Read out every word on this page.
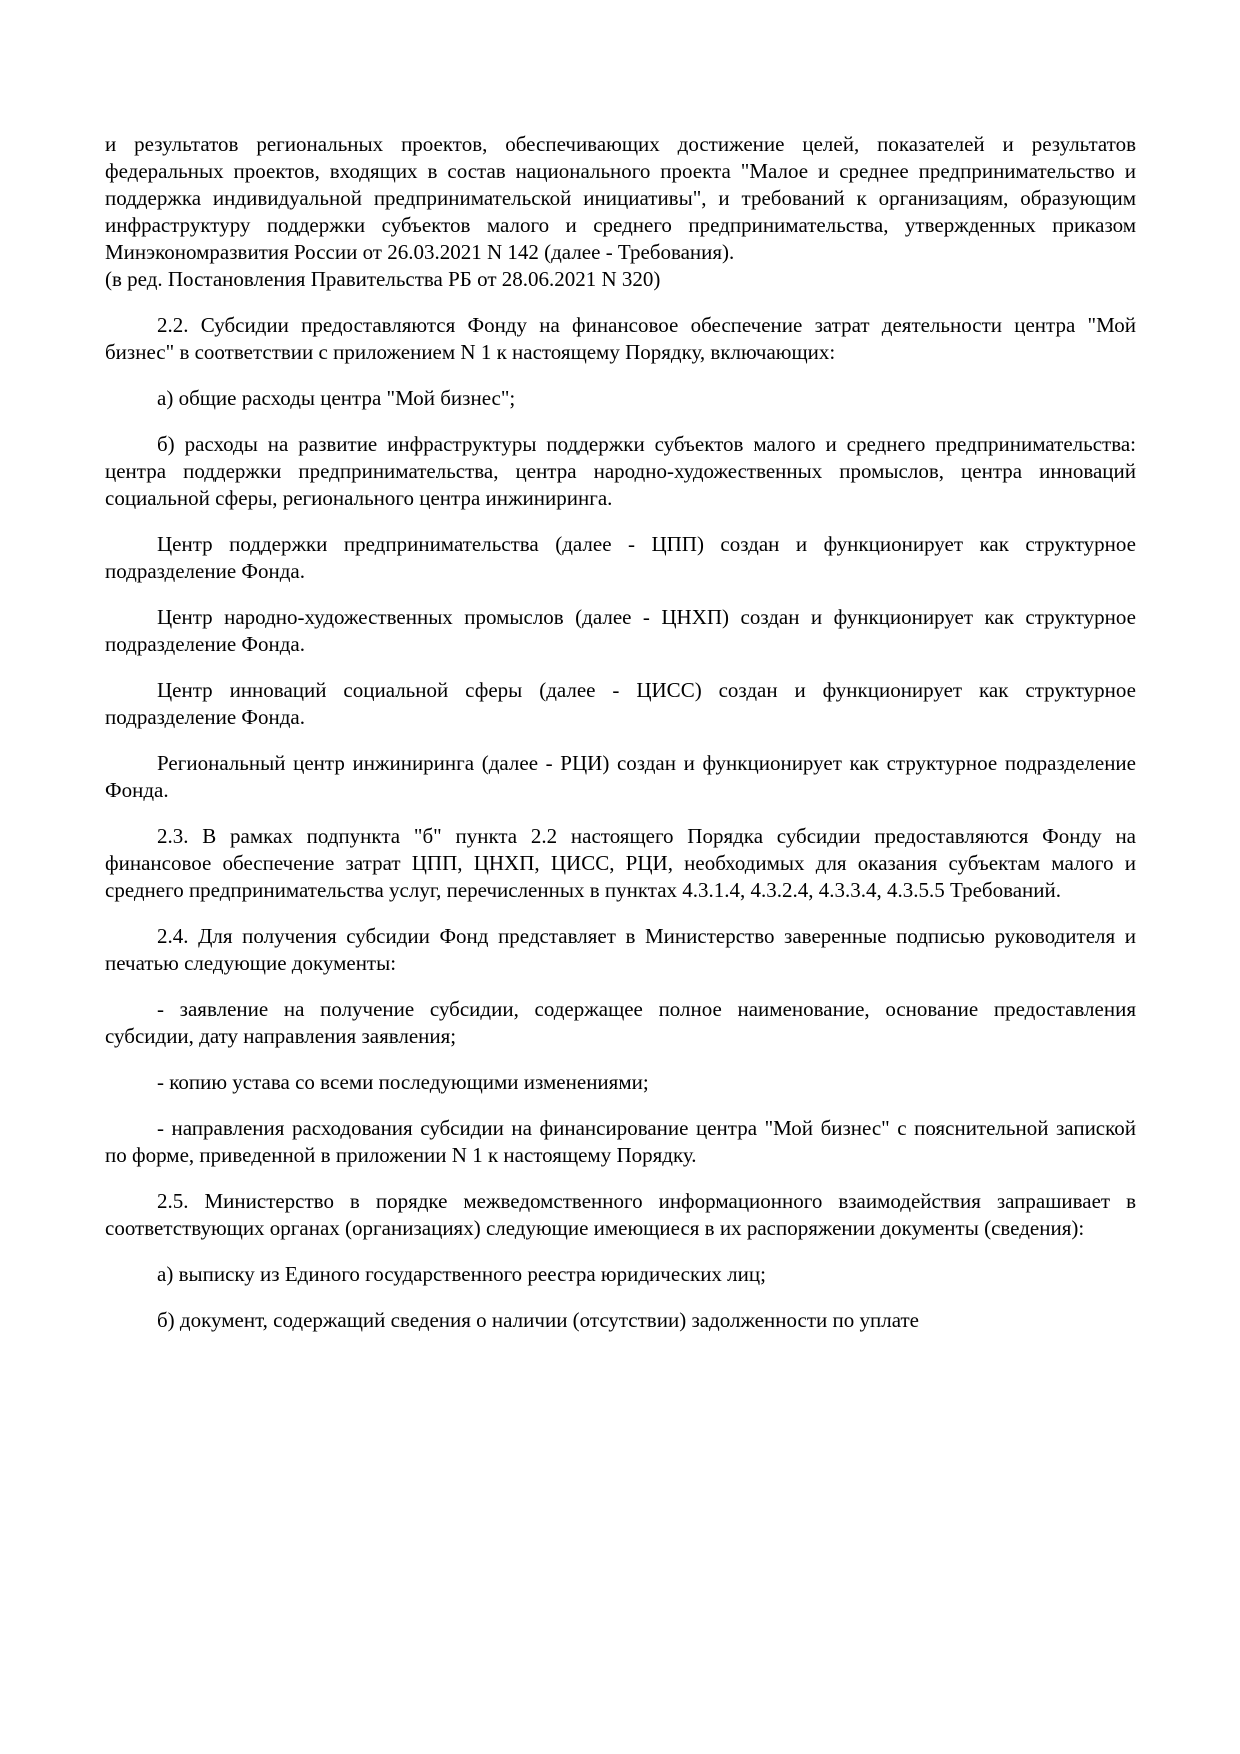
и результатов региональных проектов, обеспечивающих достижение целей, показателей и результатов федеральных проектов, входящих в состав национального проекта "Малое и среднее предпринимательство и поддержка индивидуальной предпринимательской инициативы", и требований к организациям, образующим инфраструктуру поддержки субъектов малого и среднего предпринимательства, утвержденных приказом Минэкономразвития России от 26.03.2021 N 142 (далее - Требования).

(в ред. Постановления Правительства РБ от 28.06.2021 N 320)

2.2. Субсидии предоставляются Фонду на финансовое обеспечение затрат деятельности центра "Мой бизнес" в соответствии с приложением N 1 к настоящему Порядку, включающих:

а) общие расходы центра "Мой бизнес";

б) расходы на развитие инфраструктуры поддержки субъектов малого и среднего предпринимательства: центра поддержки предпринимательства, центра народно-художественных промыслов, центра инноваций социальной сферы, регионального центра инжиниринга.

Центр поддержки предпринимательства (далее - ЦПП) создан и функционирует как структурное подразделение Фонда.

Центр народно-художественных промыслов (далее - ЦНХП) создан и функционирует как структурное подразделение Фонда.

Центр инноваций социальной сферы (далее - ЦИСС) создан и функционирует как структурное подразделение Фонда.

Региональный центр инжиниринга (далее - РЦИ) создан и функционирует как структурное подразделение Фонда.

2.3. В рамках подпункта "б" пункта 2.2 настоящего Порядка субсидии предоставляются Фонду на финансовое обеспечение затрат ЦПП, ЦНХП, ЦИСС, РЦИ, необходимых для оказания субъектам малого и среднего предпринимательства услуг, перечисленных в пунктах 4.3.1.4, 4.3.2.4, 4.3.3.4, 4.3.5.5 Требований.

2.4. Для получения субсидии Фонд представляет в Министерство заверенные подписью руководителя и печатью следующие документы:

- заявление на получение субсидии, содержащее полное наименование, основание предоставления субсидии, дату направления заявления;

- копию устава со всеми последующими изменениями;

- направления расходования субсидии на финансирование центра "Мой бизнес" с пояснительной запиской по форме, приведенной в приложении N 1 к настоящему Порядку.

2.5. Министерство в порядке межведомственного информационного взаимодействия запрашивает в соответствующих органах (организациях) следующие имеющиеся в их распоряжении документы (сведения):

а) выписку из Единого государственного реестра юридических лиц;

б) документ, содержащий сведения о наличии (отсутствии) задолженности по уплате
